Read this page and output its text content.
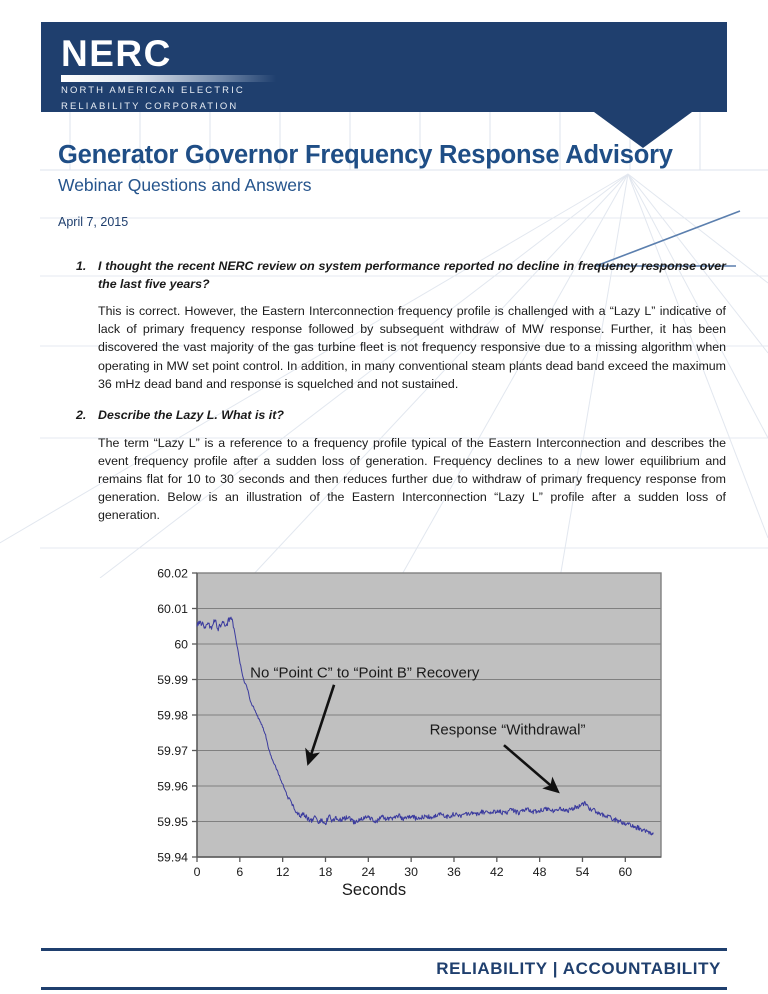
NERC
NORTH AMERICAN ELECTRIC
RELIABILITY CORPORATION
Generator Governor Frequency Response Advisory
Webinar Questions and Answers
April 7, 2015
1. I thought the recent NERC review on system performance reported no decline in frequency response over the last five years?
This is correct. However, the Eastern Interconnection frequency profile is challenged with a “Lazy L” indicative of lack of primary frequency response followed by subsequent withdraw of MW response. Further, it has been discovered the vast majority of the gas turbine fleet is not frequency responsive due to a missing algorithm when operating in MW set point control. In addition, in many conventional steam plants dead band exceed the maximum 36 mHz dead band and response is squelched and not sustained.
2. Describe the Lazy L. What is it?
The term “Lazy L” is a reference to a frequency profile typical of the Eastern Interconnection and describes the event frequency profile after a sudden loss of generation. Frequency declines to a new lower equilibrium and remains flat for 10 to 30 seconds and then reduces further due to withdraw of primary frequency response from generation. Below is an illustration of the Eastern Interconnection “Lazy L” profile after a sudden loss of generation.
59.94
59.95
59.96
59.97
59.98
59.99
60
60.01
60.02
0	6	12 18 24 30 36 42 48 54 60
Seconds
No “Point C” to “Point B” Recovery
Response “Withdrawal”
RELIABILITY | ACCOUNTABILITY
